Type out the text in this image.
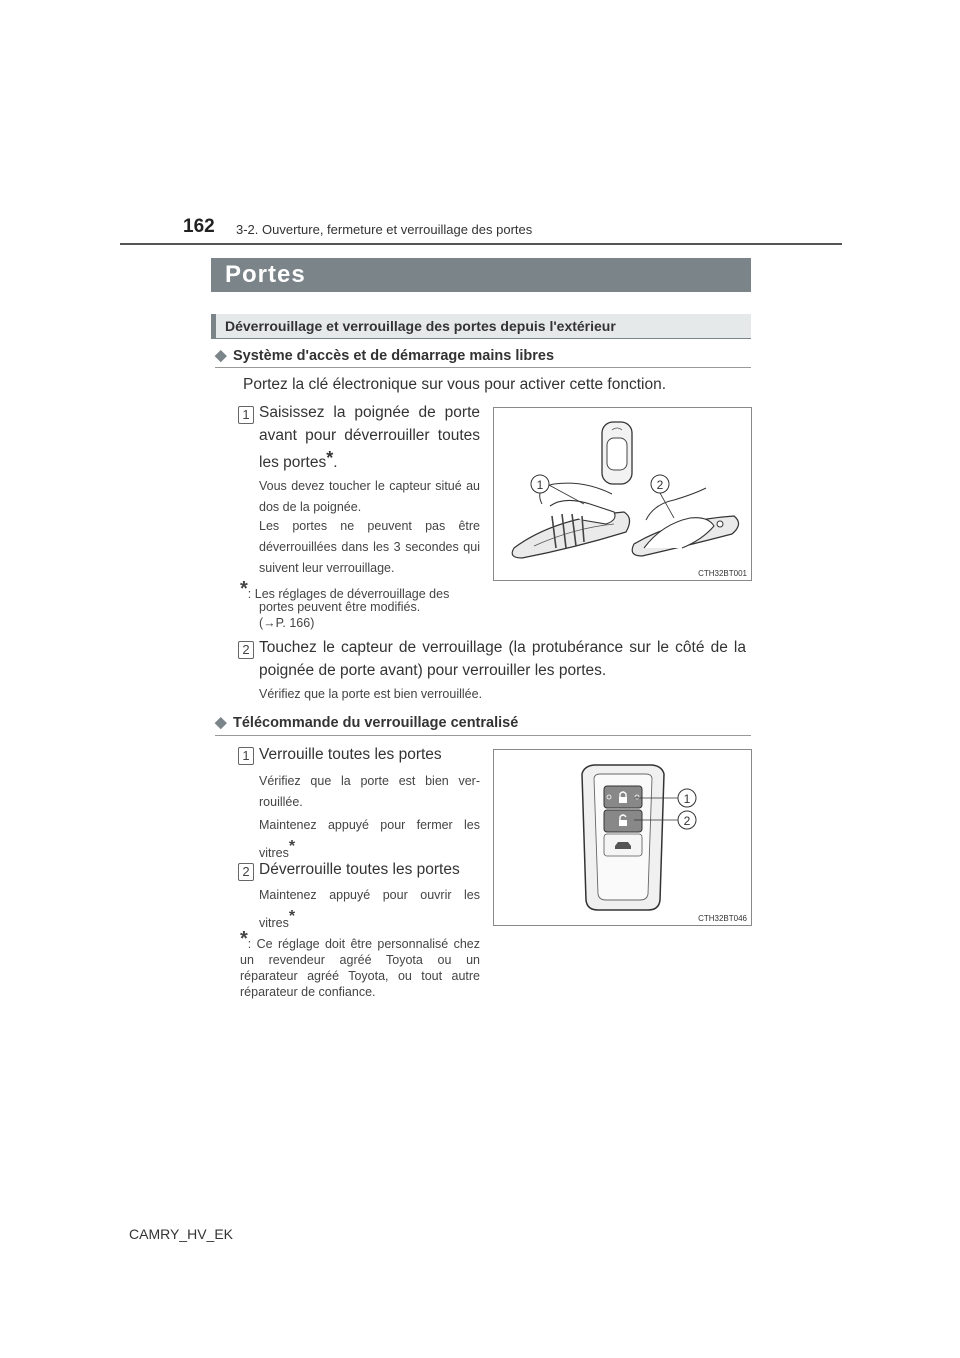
162 3-2. Ouverture, fermeture et verrouillage des portes
Portes
Déverrouillage et verrouillage des portes depuis l'extérieur
◆ Système d'accès et de démarrage mains libres
Portez la clé électronique sur vous pour activer cette fonction.
1 Saisissez la poignée de porte avant pour déverrouiller toutes les portes*.
Vous devez toucher le capteur situé au dos de la poignée.
Les portes ne peuvent pas être déverrouillées dans les 3 secondes qui suivent leur verrouillage.
*: Les réglages de déverrouillage des
portes peuvent être modifiés.
(→P. 166)
1	2
CTH32BT001
2 Touchez le capteur de verrouillage (la protubérance sur le côté de la poignée de porte avant) pour verrouiller les portes.
Vérifiez que la porte est bien verrouillée.
◆ Télécommande du verrouillage centralisé
1 Verrouille toutes les portes
Vérifiez que la porte est bien ver-rouillée.
Maintenez appuyé pour fermer les vitres*
2 Déverrouille toutes les portes
Maintenez appuyé pour ouvrir les vitres*
*: Ce réglage doit être personnalisé chez un revendeur agréé Toyota ou un réparateur agréé Toyota, ou tout autre réparateur de confiance.
1
2
CTH32BT046
CAMRY_HV_EK
